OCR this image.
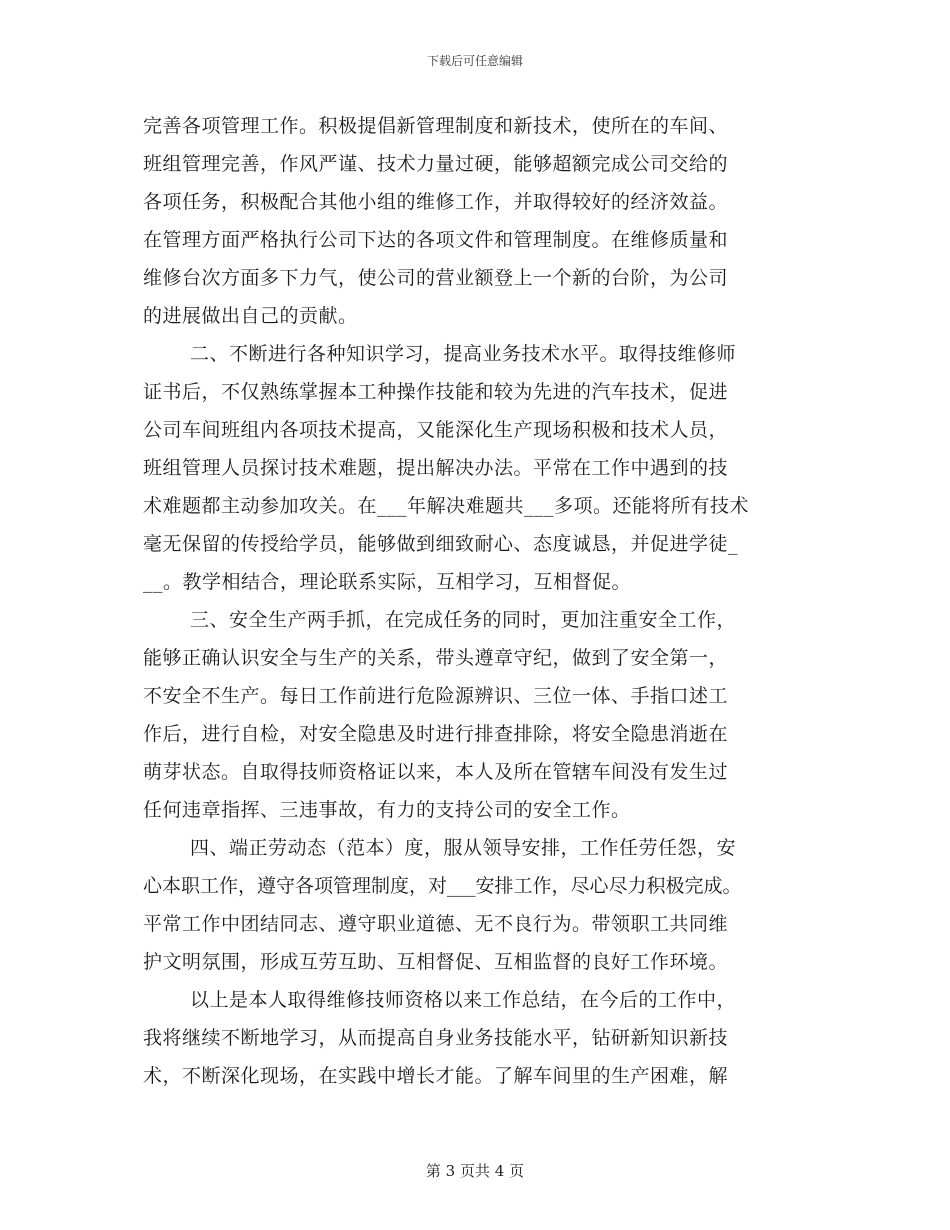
下载后可任意编辑
完善各项管理工作。积极提倡新管理制度和新技术，使所在的车间、
班组管理完善，作风严谨、技术力量过硬，能够超额完成公司交给的
各项任务，积极配合其他小组的维修工作，并取得较好的经济效益。
在管理方面严格执行公司下达的各项文件和管理制度。在维修质量和
维修台次方面多下力气，使公司的营业额登上一个新的台阶，为公司
的进展做出自己的贡献。
二、不断进行各种知识学习，提高业务技术水平。取得技维修师
证书后，不仅熟练掌握本工种操作技能和较为先进的汽车技术，促进
公司车间班组内各项技术提高，又能深化生产现场积极和技术人员，
班组管理人员探讨技术难题，提出解决办法。平常在工作中遇到的技
术难题都主动参加攻关。在___年解决难题共___多项。还能将所有技术
毫无保留的传授给学员，能够做到细致耐心、态度诚恳，并促进学徒_
__。教学相结合，理论联系实际，互相学习，互相督促。
三、安全生产两手抓，在完成任务的同时，更加注重安全工作，
能够正确认识安全与生产的关系，带头遵章守纪，做到了安全第一，
不安全不生产。每日工作前进行危险源辨识、三位一体、手指口述工
作后，进行自检，对安全隐患及时进行排查排除，将安全隐患消逝在
萌芽状态。自取得技师资格证以来，本人及所在管辖车间没有发生过
任何违章指挥、三违事故，有力的支持公司的安全工作。
四、端正劳动态（范本）度，服从领导安排，工作任劳任怨，安
心本职工作，遵守各项管理制度，对___安排工作，尽心尽力积极完成。
平常工作中团结同志、遵守职业道德、无不良行为。带领职工共同维
护文明氛围，形成互劳互助、互相督促、互相监督的良好工作环境。
以上是本人取得维修技师资格以来工作总结，在今后的工作中，
我将继续不断地学习，从而提高自身业务技能水平，钻研新知识新技
术，不断深化现场，在实践中增长才能。了解车间里的生产困难，解
第 3 页共 4 页
